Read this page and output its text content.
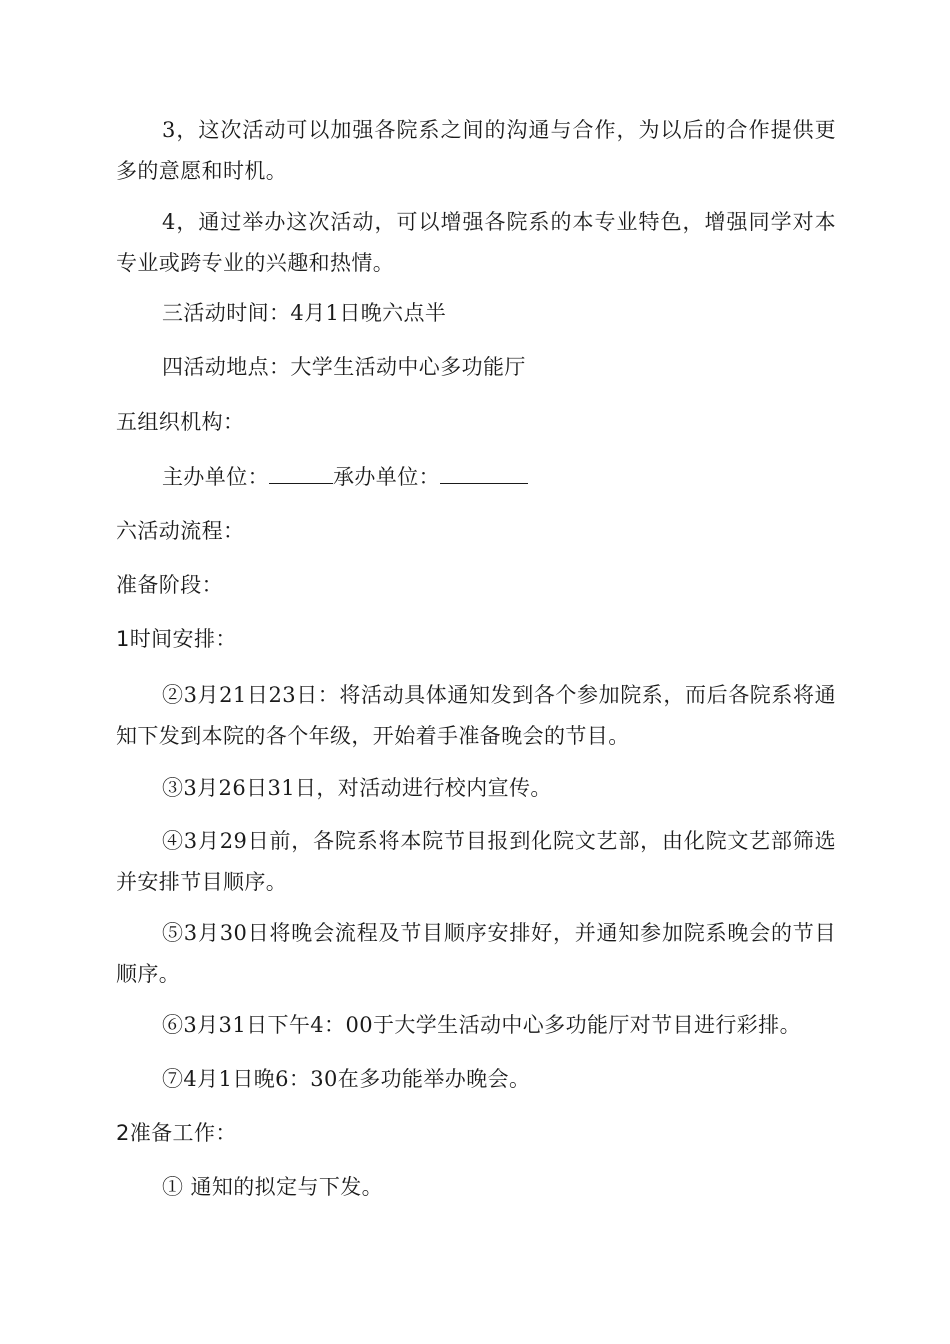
3，这次活动可以加强各院系之间的沟通与合作，为以后的合作提供更多的意愿和时机。

4，通过举办这次活动，可以增强各院系的本专业特色，增强同学对本专业或跨专业的兴趣和热情。

三活动时间：4月1日晚六点半

四活动地点：大学生活动中心多功能厅

五组织机构：

主办单位：	承办单位：

六活动流程：

准备阶段：

1时间安排：

②3月21日23日：将活动具体通知发到各个参加院系，而后各院系将通知下发到本院的各个年级，开始着手准备晚会的节目。

③3月26日31日，对活动进行校内宣传。

④3月29日前，各院系将本院节目报到化院文艺部，由化院文艺部筛选并安排节目顺序。

⑤3月30日将晚会流程及节目顺序安排好，并通知参加院系晚会的节目顺序。

⑥3月31日下午4：00于大学生活动中心多功能厅对节目进行彩排。

⑦4月1日晚6：30在多功能举办晚会。

2准备工作：

① 通知的拟定与下发。
